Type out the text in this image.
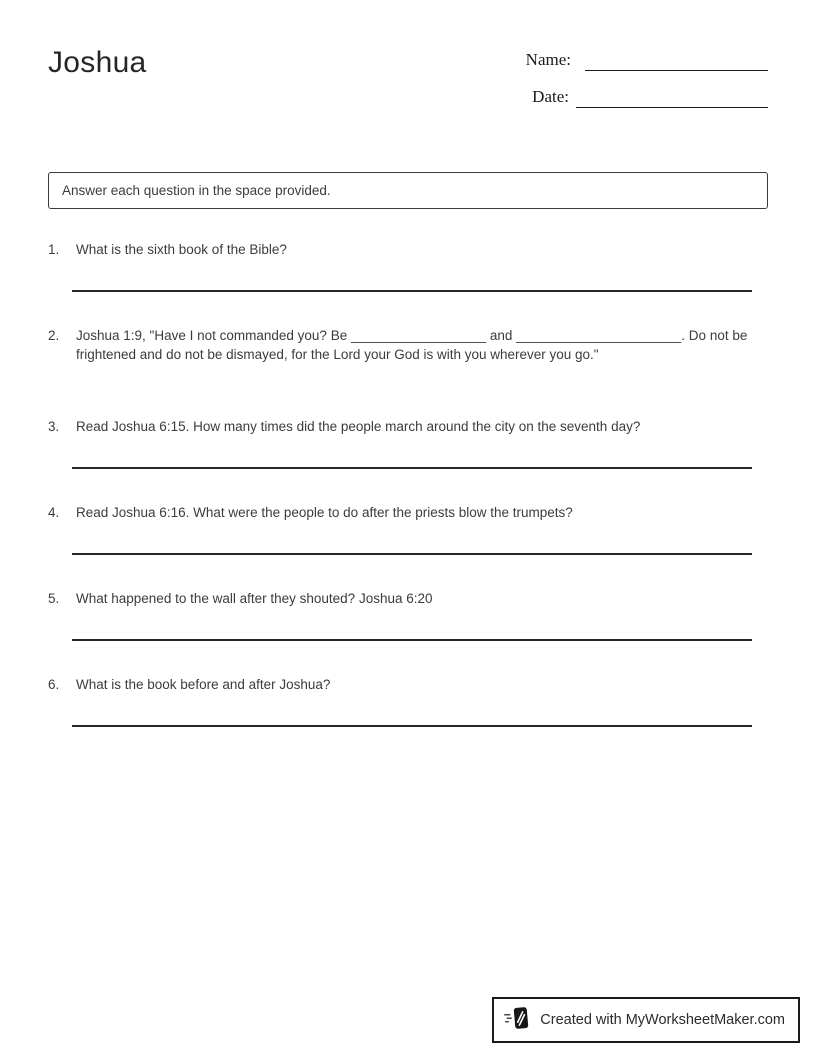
Joshua	Name:
Date:
Answer each question in the space provided.
1.	What is the sixth book of the Bible?
2.	Joshua 1:9, "Have I not commanded you? Be __________________ and ______________________. Do not be frightened and do not be dismayed, for the Lord your God is with you wherever you go."
3.	Read Joshua 6:15. How many times did the people march around the city on the seventh day?
4.	Read Joshua 6:16. What were the people to do after the priests blow the trumpets?
5.	What happened to the wall after they shouted? Joshua 6:20
6.	What is the book before and after Joshua?
Created with MyWorksheetMaker.com
